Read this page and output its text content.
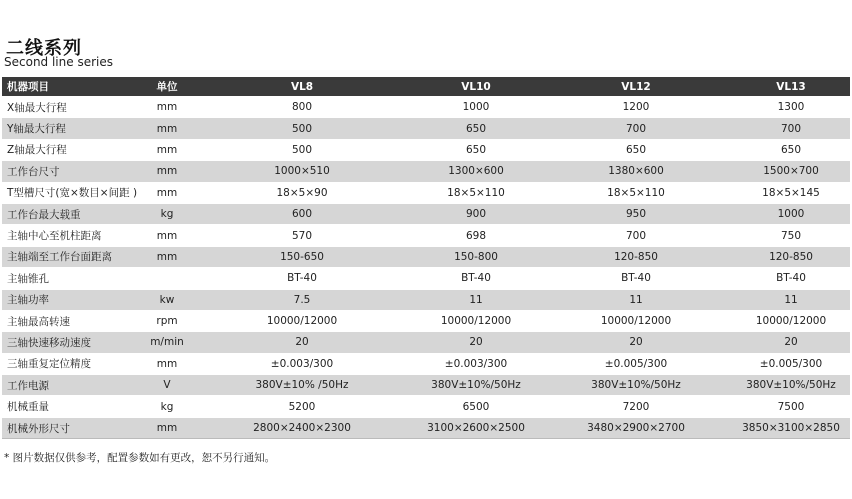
二线系列
Second line series
机器项目	单位	VL8	VL10	VL12	VL13
X轴最大行程	mm	800	1000	1200	1300
Y轴最大行程	mm	500	650	700	700
Z轴最大行程	mm	500	650	650	650
工作台尺寸	mm	1000×510	1300×600	1380×600	1500×700
T型槽尺寸(宽×数目×间距 )	mm	18×5×90	18×5×110	18×5×110	18×5×145
工作台最大载重	kg	600	900	950	1000
主轴中心至机柱距离	mm	570	698	700	750
主轴端至工作台面距离	mm	150-650	150-800	120-850	120-850
主轴锥孔		BT-40	BT-40	BT-40	BT-40
主轴功率	kw	7.5	11	11	11
主轴最高转速	rpm	10000/12000	10000/12000	10000/12000	10000/12000
三轴快速移动速度	m/min	20	20	20	20
三轴重复定位精度	mm	±0.003/300	±0.003/300	±0.005/300	±0.005/300
工作电源	V	380V±10% /50Hz	380V±10%/50Hz	380V±10%/50Hz	380V±10%/50Hz
机械重量	kg	5200	6500	7200	7500
机械外形尺寸	mm	2800×2400×2300	3100×2600×2500	3480×2900×2700	3850×3100×2850
* 图片数据仅供参考，配置参数如有更改，恕不另行通知。
